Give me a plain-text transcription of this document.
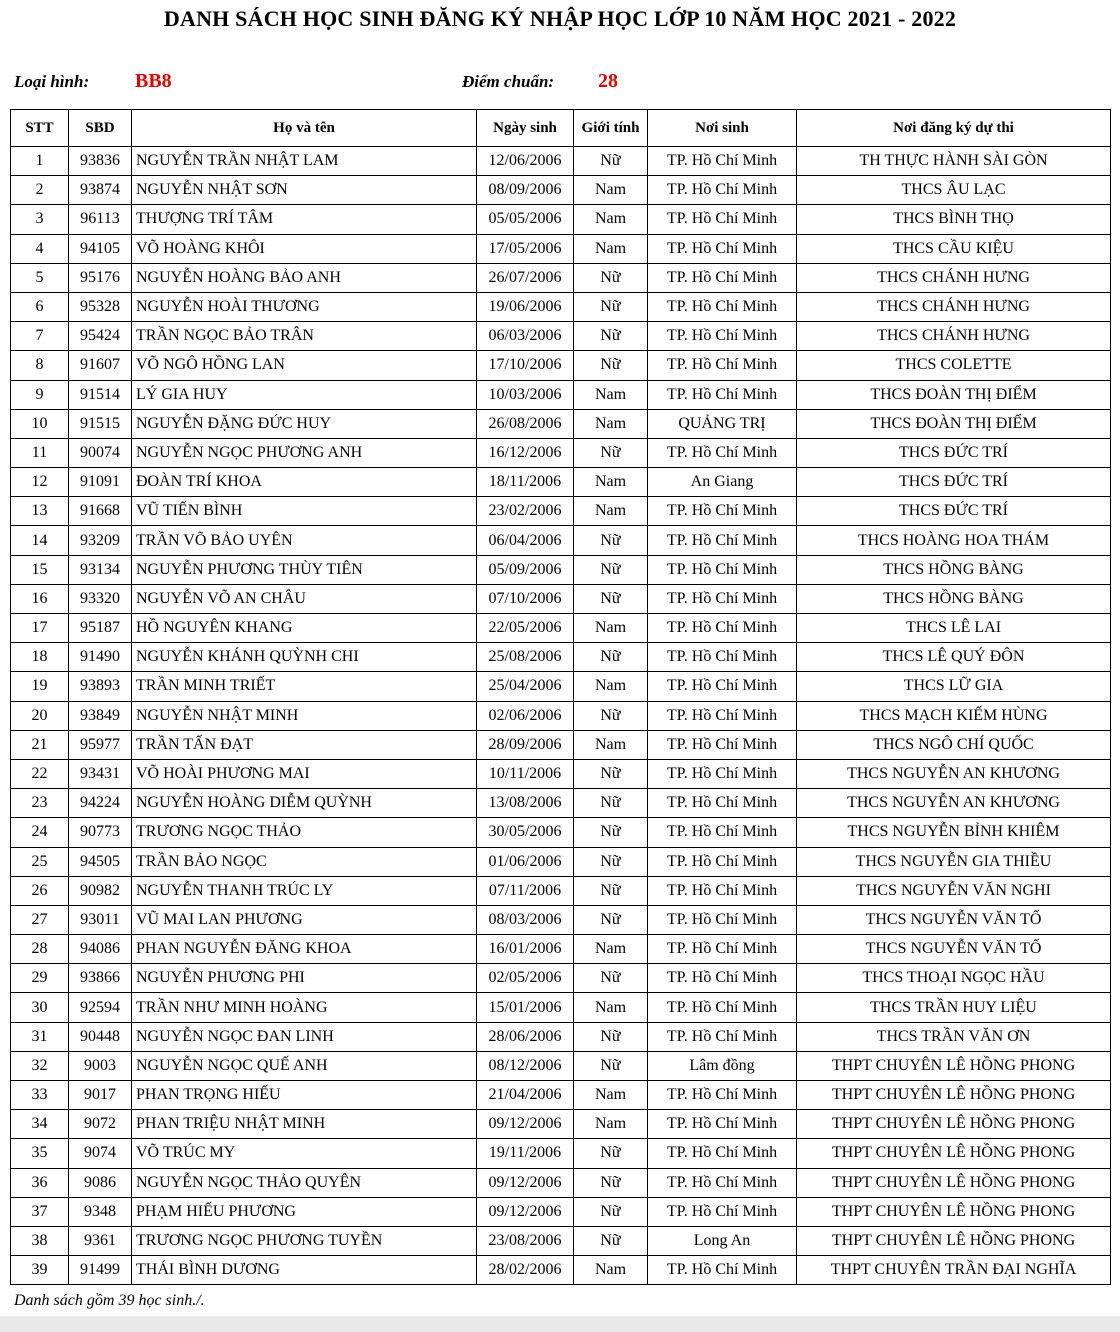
DANH SÁCH HỌC SINH ĐĂNG KÝ NHẬP HỌC LỚP 10 NĂM HỌC 2021 - 2022
Loại hình: BB8	Điểm chuẩn: 28
STT	SBD	Họ và tên	Ngày sinh	Giới tính	Nơi sinh	Nơi đăng ký dự thi
1	93836	NGUYỄN TRẦN NHẬT LAM	12/06/2006	Nữ	TP. Hồ Chí Minh	TH THỰC HÀNH SÀI GÒN
2	93874	NGUYỄN NHẬT SƠN	08/09/2006	Nam	TP. Hồ Chí Minh	THCS ÂU LẠC
3	96113	THƯỢNG TRÍ TÂM	05/05/2006	Nam	TP. Hồ Chí Minh	THCS BÌNH THỌ
4	94105	VÕ HOÀNG KHÔI	17/05/2006	Nam	TP. Hồ Chí Minh	THCS CẦU KIỆU
5	95176	NGUYỄN HOÀNG BẢO ANH	26/07/2006	Nữ	TP. Hồ Chí Minh	THCS CHÁNH HƯNG
6	95328	NGUYỄN HOÀI THƯƠNG	19/06/2006	Nữ	TP. Hồ Chí Minh	THCS CHÁNH HƯNG
7	95424	TRẦN NGỌC BẢO TRÂN	06/03/2006	Nữ	TP. Hồ Chí Minh	THCS CHÁNH HƯNG
8	91607	VÕ NGÔ HỒNG LAN	17/10/2006	Nữ	TP. Hồ Chí Minh	THCS COLETTE
9	91514	LÝ GIA HUY	10/03/2006	Nam	TP. Hồ Chí Minh	THCS ĐOÀN THỊ ĐIỂM
10	91515	NGUYỄN ĐẶNG ĐỨC HUY	26/08/2006	Nam	QUẢNG TRỊ	THCS ĐOÀN THỊ ĐIỂM
11	90074	NGUYỄN NGỌC PHƯƠNG ANH	16/12/2006	Nữ	TP. Hồ Chí Minh	THCS ĐỨC TRÍ
12	91091	ĐOÀN TRÍ KHOA	18/11/2006	Nam	An Giang	THCS ĐỨC TRÍ
13	91668	VŨ TIẾN BÌNH	23/02/2006	Nam	TP. Hồ Chí Minh	THCS ĐỨC TRÍ
14	93209	TRẦN VÕ BẢO UYÊN	06/04/2006	Nữ	TP. Hồ Chí Minh	THCS HOÀNG HOA THÁM
15	93134	NGUYỄN PHƯƠNG THÙY TIÊN	05/09/2006	Nữ	TP. Hồ Chí Minh	THCS HỒNG BÀNG
16	93320	NGUYỄN VÕ AN CHÂU	07/10/2006	Nữ	TP. Hồ Chí Minh	THCS HỒNG BÀNG
17	95187	HỒ NGUYÊN KHANG	22/05/2006	Nam	TP. Hồ Chí Minh	THCS LÊ LAI
18	91490	NGUYỄN KHÁNH QUỲNH CHI	25/08/2006	Nữ	TP. Hồ Chí Minh	THCS LÊ QUÝ ĐÔN
19	93893	TRẦN MINH TRIẾT	25/04/2006	Nam	TP. Hồ Chí Minh	THCS LỮ GIA
20	93849	NGUYỄN NHẬT MINH	02/06/2006	Nữ	TP. Hồ Chí Minh	THCS MẠCH KIẾM HÙNG
21	95977	TRẦN TẤN ĐẠT	28/09/2006	Nam	TP. Hồ Chí Minh	THCS NGÔ CHÍ QUỐC
22	93431	VÕ HOÀI PHƯƠNG MAI	10/11/2006	Nữ	TP. Hồ Chí Minh	THCS NGUYỄN AN KHƯƠNG
23	94224	NGUYỄN HOÀNG DIỄM QUỲNH	13/08/2006	Nữ	TP. Hồ Chí Minh	THCS NGUYỄN AN KHƯƠNG
24	90773	TRƯƠNG NGỌC THẢO	30/05/2006	Nữ	TP. Hồ Chí Minh	THCS NGUYỄN BỈNH KHIÊM
25	94505	TRẦN BẢO NGỌC	01/06/2006	Nữ	TP. Hồ Chí Minh	THCS NGUYỄN GIA THIỀU
26	90982	NGUYỄN THANH TRÚC LY	07/11/2006	Nữ	TP. Hồ Chí Minh	THCS NGUYỄN VĂN NGHI
27	93011	VŨ MAI LAN PHƯƠNG	08/03/2006	Nữ	TP. Hồ Chí Minh	THCS NGUYỄN VĂN TỐ
28	94086	PHAN NGUYỄN ĐĂNG KHOA	16/01/2006	Nam	TP. Hồ Chí Minh	THCS NGUYỄN VĂN TỐ
29	93866	NGUYỄN PHƯƠNG PHI	02/05/2006	Nữ	TP. Hồ Chí Minh	THCS THOẠI NGỌC HẦU
30	92594	TRẦN NHƯ MINH HOÀNG	15/01/2006	Nam	TP. Hồ Chí Minh	THCS TRẦN HUY LIỆU
31	90448	NGUYỄN NGỌC ĐAN LINH	28/06/2006	Nữ	TP. Hồ Chí Minh	THCS TRẦN VĂN ƠN
32	9003	NGUYỄN NGỌC QUẾ ANH	08/12/2006	Nữ	Lâm đồng	THPT CHUYÊN LÊ HỒNG PHONG
33	9017	PHAN TRỌNG HIẾU	21/04/2006	Nam	TP. Hồ Chí Minh	THPT CHUYÊN LÊ HỒNG PHONG
34	9072	PHAN TRIỆU NHẬT MINH	09/12/2006	Nam	TP. Hồ Chí Minh	THPT CHUYÊN LÊ HỒNG PHONG
35	9074	VÕ TRÚC MY	19/11/2006	Nữ	TP. Hồ Chí Minh	THPT CHUYÊN LÊ HỒNG PHONG
36	9086	NGUYỄN NGỌC THẢO QUYÊN	09/12/2006	Nữ	TP. Hồ Chí Minh	THPT CHUYÊN LÊ HỒNG PHONG
37	9348	PHẠM HIẾU PHƯƠNG	09/12/2006	Nữ	TP. Hồ Chí Minh	THPT CHUYÊN LÊ HỒNG PHONG
38	9361	TRƯƠNG NGỌC PHƯƠNG TUYỀN	23/08/2006	Nữ	Long An	THPT CHUYÊN LÊ HỒNG PHONG
39	91499	THÁI BÌNH DƯƠNG	28/02/2006	Nam	TP. Hồ Chí Minh	THPT CHUYÊN TRẦN ĐẠI NGHĨA
Danh sách gồm 39 học sinh./.
